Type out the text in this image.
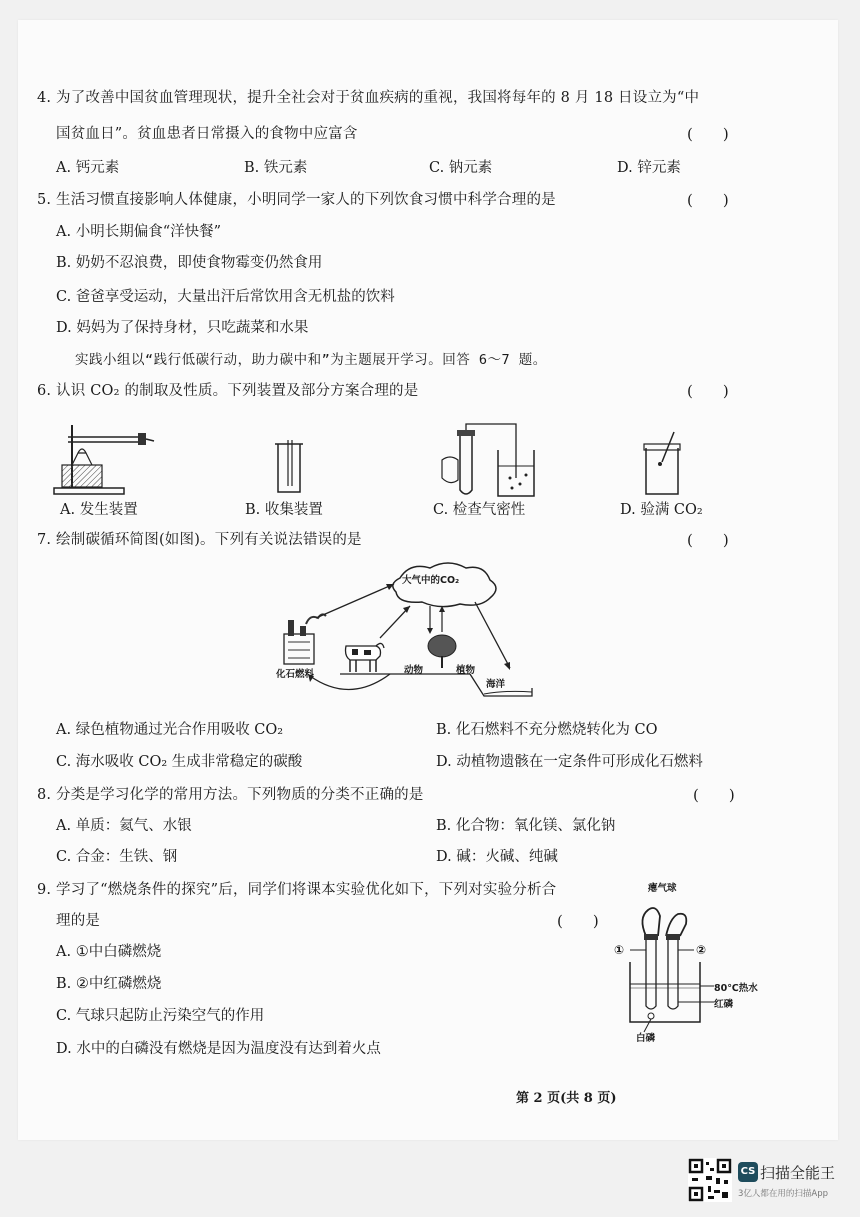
4. 为了改善中国贫血管理现状，提升全社会对于贫血疾病的重视，我国将每年的 8 月 18 日设立为“中
国贫血日”。贫血患者日常摄入的食物中应富含	(　　)
A. 钙元素	B. 铁元素	C. 钠元素	D. 锌元素
5. 生活习惯直接影响人体健康，小明同学一家人的下列饮食习惯中科学合理的是	(　　)
A. 小明长期偏食“洋快餐”
B. 奶奶不忍浪费，即使食物霉变仍然食用
C. 爸爸享受运动，大量出汗后常饮用含无机盐的饮料
D. 妈妈为了保持身材，只吃蔬菜和水果
实践小组以“践行低碳行动，助力碳中和”为主题展开学习。回答 6～7 题。
6. 认识 CO₂ 的制取及性质。下列装置及部分方案合理的是	(　　)
A. 发生装置	B. 收集装置	C. 检查气密性	D. 验满 CO₂
7. 绘制碳循环简图(如图)。下列有关说法错误的是	(　　)
大气中的CO₂
化石燃料	动物	植物
海洋
A. 绿色植物通过光合作用吸收 CO₂	B. 化石燃料不充分燃烧转化为 CO
C. 海水吸收 CO₂ 生成非常稳定的碳酸	D. 动植物遗骸在一定条件可形成化石燃料
8. 分类是学习化学的常用方法。下列物质的分类不正确的是	(　　)
A. 单质：氦气、水银	B. 化合物：氧化镁、氯化钠
C. 合金：生铁、钢	D. 碱：火碱、纯碱
9. 学习了“燃烧条件的探究”后，同学们将课本实验优化如下，下列对实验分析合
理的是	(　　)
A. ①中白磷燃烧
B. ②中红磷燃烧
C. 气球只起防止污染空气的作用
D. 水中的白磷没有燃烧是因为温度没有达到着火点
瘪气球
①	②
80℃热水
红磷
白磷
第 2 页(共 8 页)
CS 扫描全能王
3亿人都在用的扫描App
